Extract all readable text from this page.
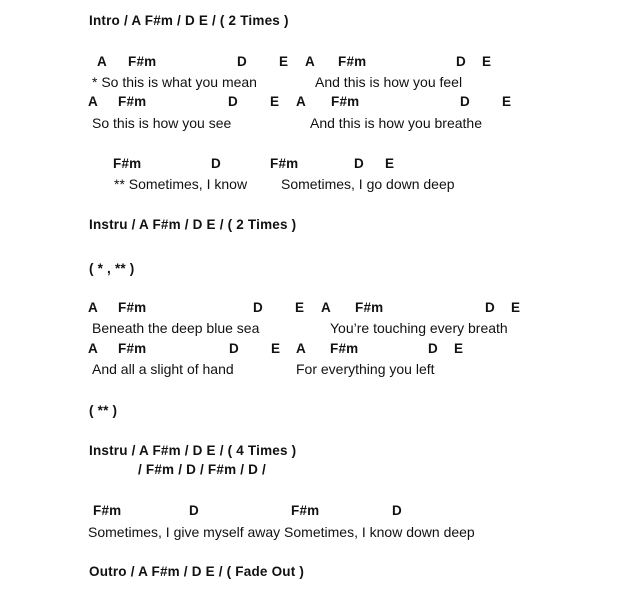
Intro / A F#m / D E / ( 2 Times )
A F#m	D E A F#m	D E
* So this is what you mean	And this is how you feel
A F#m	D E A F#m	D E
So this is how you see	And this is how you breathe
F#m	D	F#m	D E
** Sometimes, I know Sometimes, I go down deep
Instru / A F#m / D E / ( 2 Times )
( * , ** )
A F#m	D E A F#m	D E
Beneath the deep blue sea	You’re touching every breath
A F#m	D E A F#m	D E
And all a slight of hand	For everything you left
( ** )
Instru / A F#m / D E / ( 4 Times )
/ F#m / D / F#m / D /
F#m	D	F#m	D
Sometimes, I give myself away Sometimes, I know down deep
Outro / A F#m / D E / ( Fade Out )
